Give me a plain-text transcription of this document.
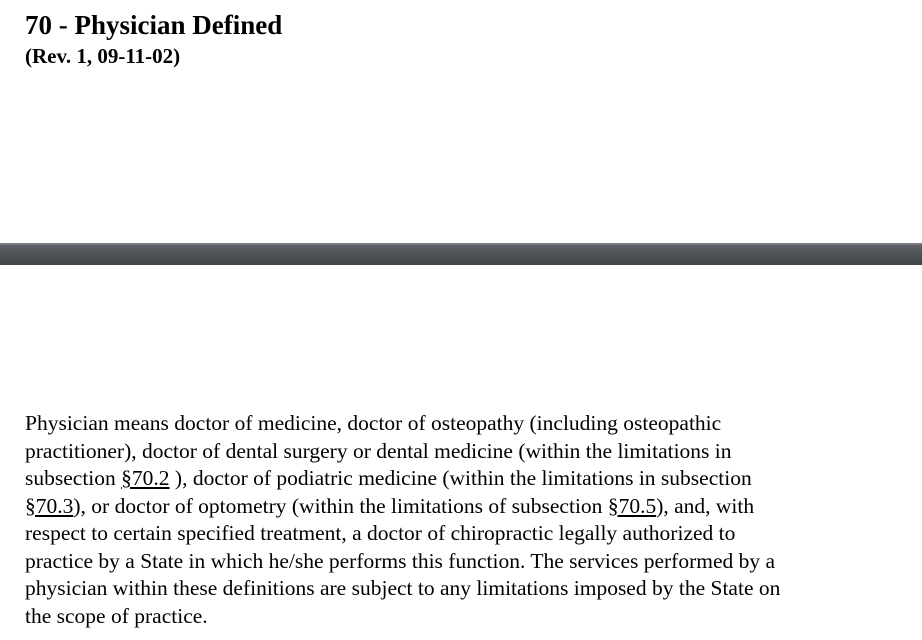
70 - Physician Defined
(Rev. 1, 09-11-02)

Physician means doctor of medicine, doctor of osteopathy (including osteopathic
practitioner), doctor of dental surgery or dental medicine (within the limitations in
subsection §70.2 ), doctor of podiatric medicine (within the limitations in subsection
§70.3), or doctor of optometry (within the limitations of subsection §70.5), and, with
respect to certain specified treatment, a doctor of chiropractic legally authorized to
practice by a State in which he/she performs this function. The services performed by a
physician within these definitions are subject to any limitations imposed by the State on
the scope of practice.
